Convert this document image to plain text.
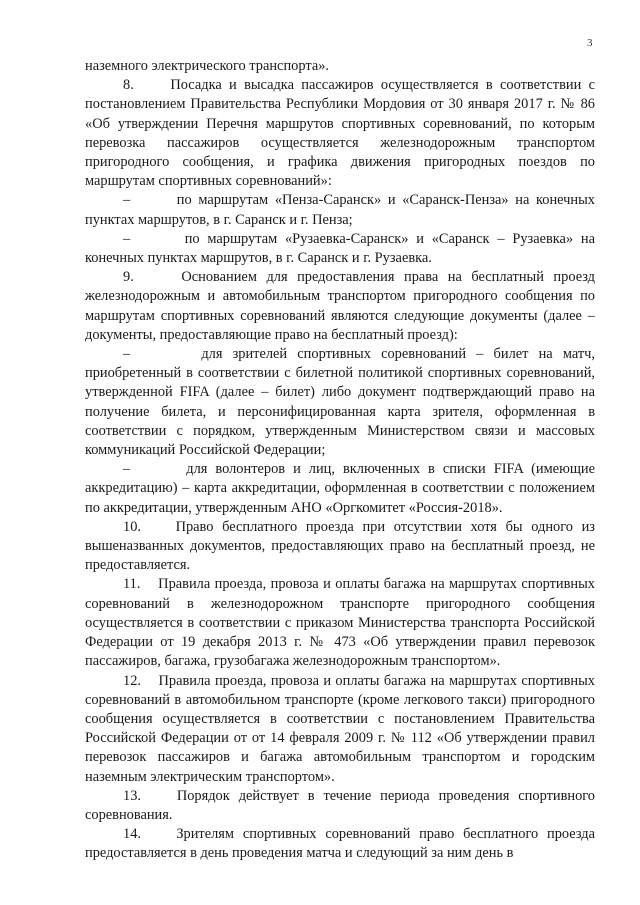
3

наземного электрического транспорта».

8.     Посадка и высадка пассажиров осуществляется в соответствии с постановлением Правительства Республики Мордовия от 30 января 2017 г. № 86 «Об утверждении Перечня маршрутов спортивных соревнований, по которым перевозка пассажиров осуществляется железнодорожным транспортом пригородного сообщения, и графика движения пригородных поездов по маршрутам спортивных соревнований»:

–       по маршрутам «Пенза-Саранск» и «Саранск-Пенза» на конечных пунктах маршрутов, в г. Саранск и г. Пенза;

–       по маршрутам «Рузаевка-Саранск» и «Саранск – Рузаевка» на конечных пунктах маршрутов, в г. Саранск и г. Рузаевка.

9.     Основанием для предоставления права на бесплатный проезд железнодорожным и автомобильным транспортом пригородного сообщения по маршрутам спортивных соревнований являются следующие документы (далее – документы, предоставляющие право на бесплатный проезд):

–       для зрителей спортивных соревнований – билет на матч, приобретенный в соответствии с билетной политикой спортивных соревнований, утвержденной FIFA (далее – билет) либо документ подтверждающий право на получение билета, и персонифицированная карта зрителя, оформленная в соответствии с порядком, утвержденным Министерством связи и массовых коммуникаций Российской Федерации;

–       для волонтеров и лиц, включенных в списки FIFA (имеющие аккредитацию) – карта аккредитации, оформленная в соответствии с положением по аккредитации, утвержденным АНО «Оргкомитет «Россия-2018».

10.    Право бесплатного проезда при отсутствии хотя бы одного из вышеназванных документов, предоставляющих право на бесплатный проезд, не предоставляется.

11.    Правила проезда, провоза и оплаты багажа на маршрутах спортивных соревнований в железнодорожном транспорте пригородного сообщения осуществляется в соответствии с приказом Министерства транспорта Российской Федерации от 19 декабря 2013 г. № 473 «Об утверждении правил перевозок пассажиров, багажа, грузобагажа железнодорожным транспортом».

12.    Правила проезда, провоза и оплаты багажа на маршрутах спортивных соревнований в автомобильном транспорте (кроме легкового такси) пригородного сообщения осуществляется в соответствии с постановлением Правительства Российской Федерации от от 14 февраля 2009 г. № 112 «Об утверждении правил перевозок пассажиров и багажа автомобильным транспортом и городским наземным электрическим транспортом».

13.    Порядок действует в течение периода проведения спортивного соревнования.

14.    Зрителям спортивных соревнований право бесплатного проезда предоставляется в день проведения матча и следующий за ним день в
